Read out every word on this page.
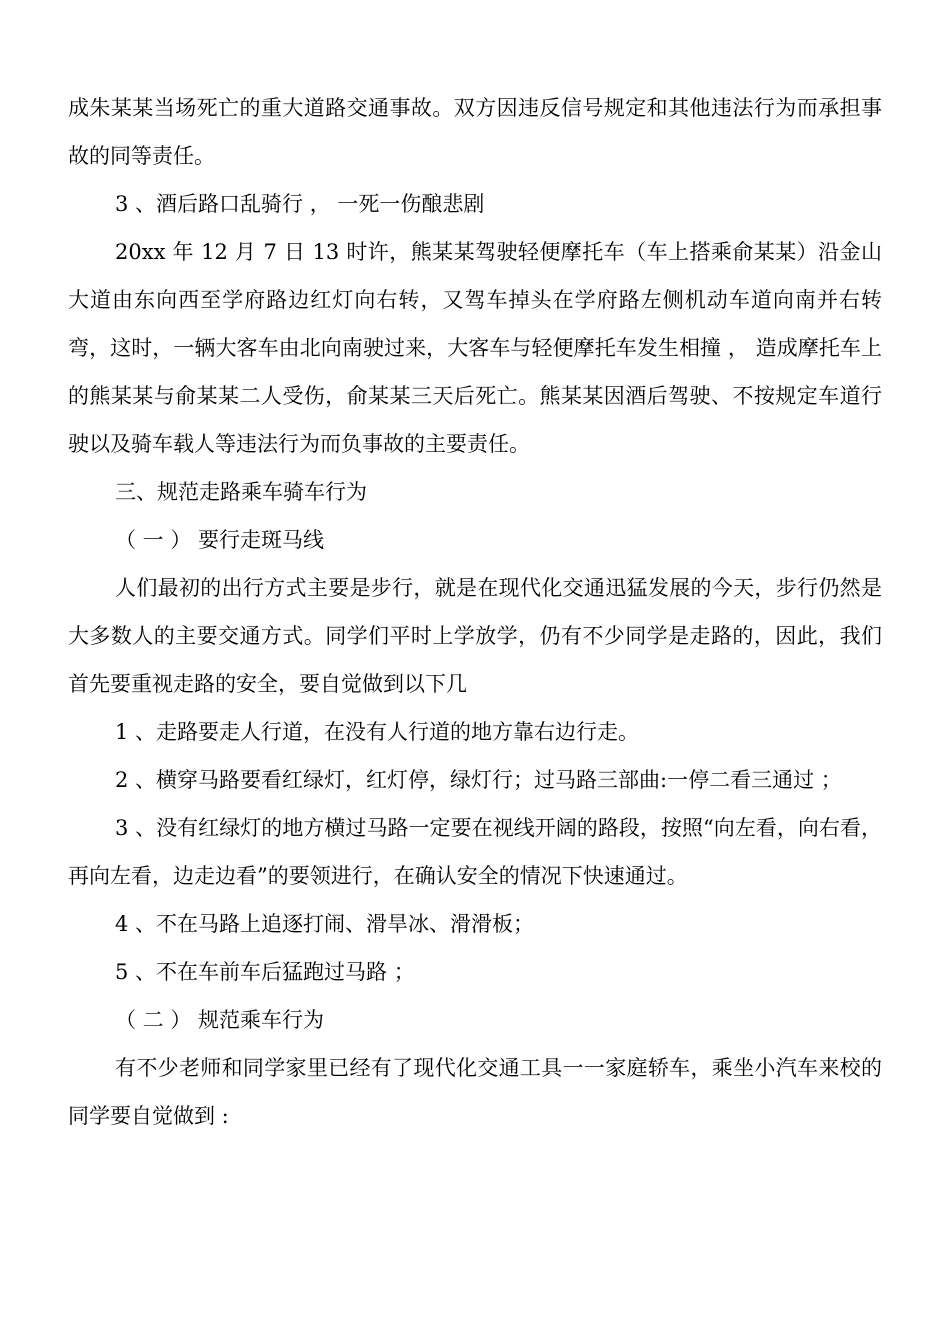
成朱某某当场死亡的重大道路交通事故。双方因违反信号规定和其他违法行为而承担事故的同等责任。
3 、酒后路口乱骑行 ， 一死一伤酿悲剧
20xx 年 12 月 7 日 13 时许，熊某某驾驶轻便摩托车（车上搭乘俞某某）沿金山大道由东向西至学府路边红灯向右转，又驾车掉头在学府路左侧机动车道向南并右转弯，这时，一辆大客车由北向南驶过来，大客车与轻便摩托车发生相撞 ， 造成摩托车上的熊某某与俞某某二人受伤，俞某某三天后死亡。熊某某因酒后驾驶、不按规定车道行驶以及骑车载人等违法行为而负事故的主要责任。
三、规范走路乘车骑车行为
（ 一 ） 要行走斑马线
人们最初的出行方式主要是步行，就是在现代化交通迅猛发展的今天，步行仍然是大多数人的主要交通方式。同学们平时上学放学，仍有不少同学是走路的，因此，我们首先要重视走路的安全，要自觉做到以下几
1 、走路要走人行道，在没有人行道的地方靠右边行走。
2 、横穿马路要看红绿灯，红灯停，绿灯行；过马路三部曲:一停二看三通过 ；
3 、没有红绿灯的地方横过马路一定要在视线开阔的路段，按照“向左看，向右看，再向左看，边走边看”的要领进行，在确认安全的情况下快速通过。
4 、不在马路上追逐打闹、滑旱冰、滑滑板；
5 、不在车前车后猛跑过马路 ；
（ 二 ） 规范乘车行为
有不少老师和同学家里已经有了现代化交通工具一一家庭轿车，乘坐小汽车来校的同学要自觉做到 :
